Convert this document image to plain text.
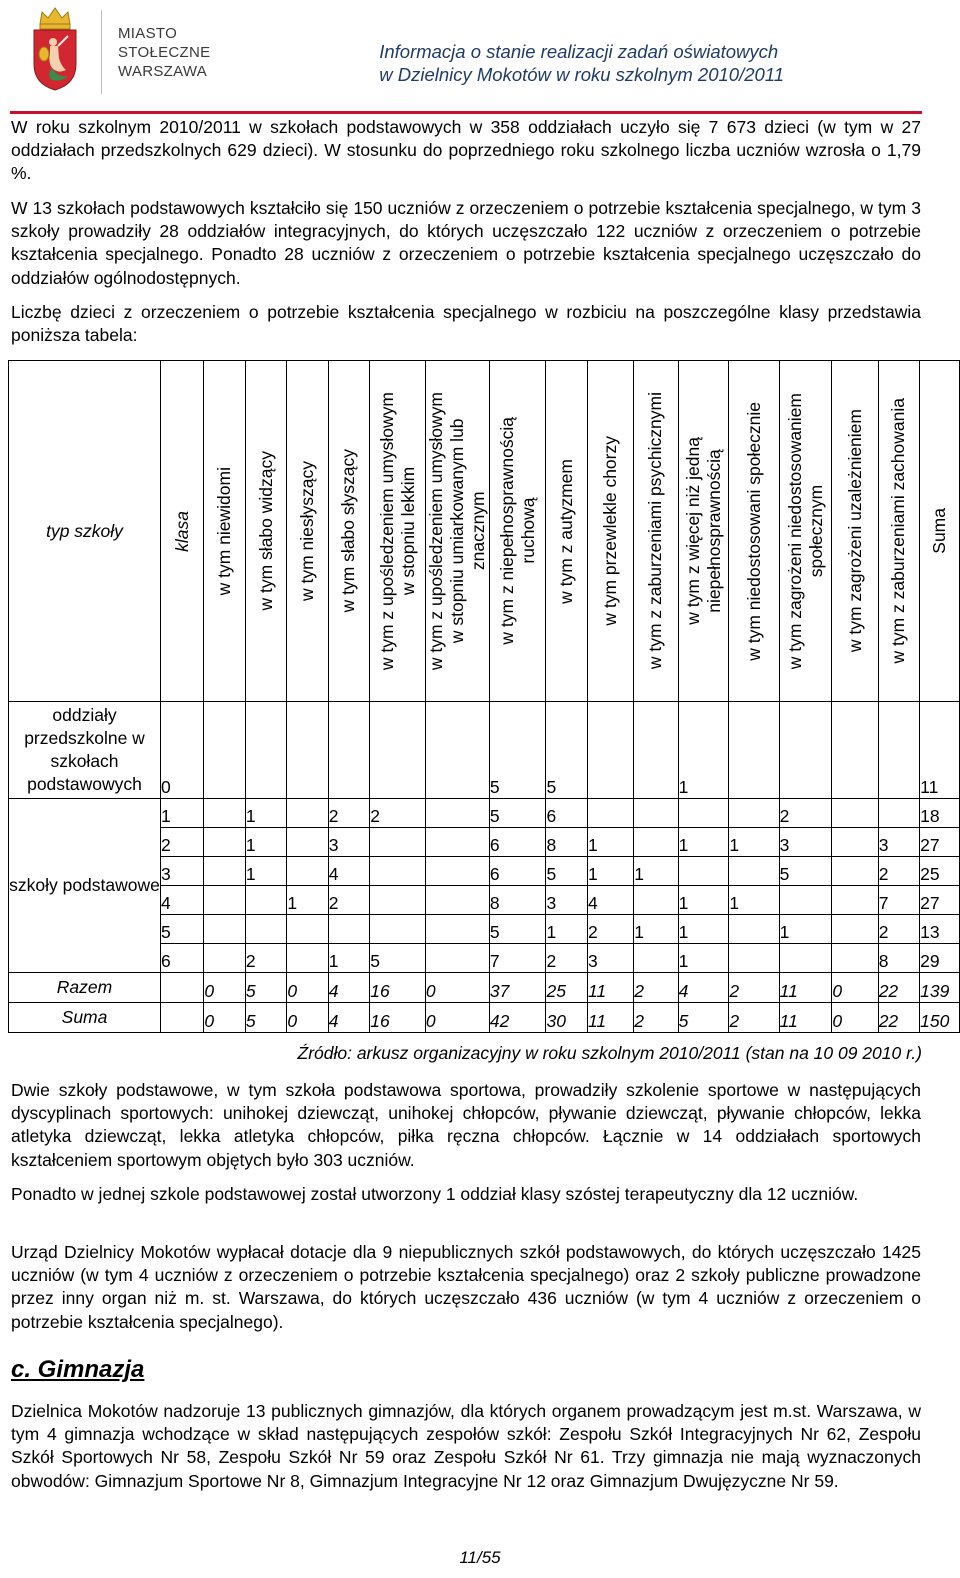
MIASTO
STOŁECZNE
WARSZAWA
Informacja o stanie realizacji zadań oświatowych
w Dzielnicy Mokotów w roku szkolnym 2010/2011
W roku szkolnym 2010/2011 w szkołach podstawowych w 358 oddziałach uczyło się 7 673 dzieci (w tym w 27 oddziałach przedszkolnych 629 dzieci). W stosunku do poprzedniego roku szkolnego liczba uczniów wzrosła o 1,79 %.
W 13 szkołach podstawowych kształciło się 150 uczniów z orzeczeniem o potrzebie kształcenia specjalnego, w tym 3 szkoły prowadziły 28 oddziałów integracyjnych, do których uczęszczało 122 uczniów z orzeczeniem o potrzebie kształcenia specjalnego. Ponadto 28 uczniów z orzeczeniem o potrzebie kształcenia specjalnego uczęszczało do oddziałów ogólnodostępnych.
Liczbę dzieci z orzeczeniem o potrzebie kształcenia specjalnego w rozbiciu na poszczególne klasy przedstawia poniższa tabela:
typ szkoły	klasa	w tym niewidomi	w tym słabo widzący	w tym niesłyszący	w tym słabo słyszący	w tym z upośledzeniem umysłowym
w stopniu lekkim	w tym z upośledzeniem umysłowym
w stopniu umiarkowanym lub
znacznym	w tym z niepełnosprawnością
ruchową	w tym z autyzmem	w tym przewlekle chorzy	w tym z zaburzeniami psychicznymi	w tym z więcej niż jedną
niepełnosprawnością	w tym niedostosowani społecznie	w tym zagrożeni niedostosowaniem
społecznym	w tym zagrożeni uzależnieniem	w tym z zaburzeniami zachowania	Suma

oddziały przedszkolne w szkołach podstawowych	0							5	5			1					11
szkoły podstawowe	1		1		2	2		5	6					2			18
	2		1		3			6	8	1		1	1	3		3	27
	3		1		4			6	5	1	1			5		2	25
	4			1	2			8	3	4		1	1			7	27
	5							5	1	2	1	1		1		2	13
	6		2		1	5		7	2	3		1				8	29
Razem		0	5	0	4	16	0	37	25	11	2	4	2	11	0	22	139
Suma		0	5	0	4	16	0	42	30	11	2	5	2	11	0	22	150
Źródło: arkusz organizacyjny w roku szkolnym 2010/2011 (stan na 10 09 2010 r.)
Dwie szkoły podstawowe, w tym szkoła podstawowa sportowa, prowadziły szkolenie sportowe w następujących dyscyplinach sportowych: unihokej dziewcząt, unihokej chłopców, pływanie dziewcząt, pływanie chłopców, lekka atletyka dziewcząt, lekka atletyka chłopców, piłka ręczna chłopców. Łącznie w 14 oddziałach sportowych kształceniem sportowym objętych było 303 uczniów.
Ponadto w jednej szkole podstawowej został utworzony 1 oddział klasy szóstej terapeutyczny dla 12 uczniów.
Urząd Dzielnicy Mokotów wypłacał dotacje dla 9 niepublicznych szkół podstawowych, do których uczęszczało 1425 uczniów (w tym 4 uczniów z orzeczeniem o potrzebie kształcenia specjalnego) oraz 2 szkoły publiczne prowadzone przez inny organ niż m. st. Warszawa, do których uczęszczało 436 uczniów (w tym 4 uczniów z orzeczeniem o potrzebie kształcenia specjalnego).
c. Gimnazja
Dzielnica Mokotów nadzoruje 13 publicznych gimnazjów, dla których organem prowadzącym jest m.st. Warszawa, w tym 4 gimnazja wchodzące w skład następujących zespołów szkół: Zespołu Szkół Integracyjnych Nr 62, Zespołu Szkół Sportowych Nr 58, Zespołu Szkół Nr 59 oraz Zespołu Szkół Nr 61. Trzy gimnazja nie mają wyznaczonych obwodów: Gimnazjum Sportowe Nr 8, Gimnazjum Integracyjne Nr 12 oraz Gimnazjum Dwujęzyczne Nr 59.
11/55
